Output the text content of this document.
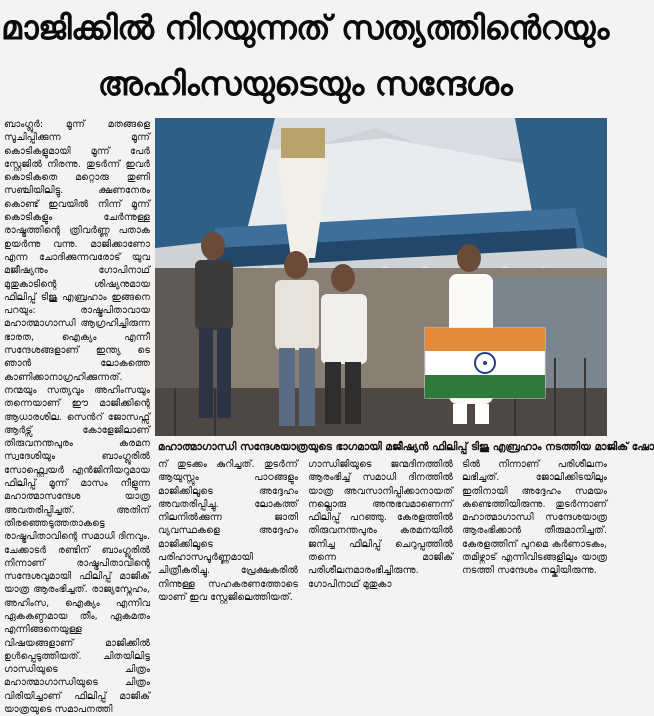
മാജിക്കിൽ നിറയുന്നത് സത്യത്തിൻെറയും
അഹിംസയുടെയും സന്ദേശം

ബാംഗ്ലൂർ: മൂന്ന് മതങ്ങളെ സൂചിപ്പിക്കുന്ന മൂന്ന് കൊടികളുമായി മൂന്ന് പേർ സ്റ്റേജിൽ നിരന്നു. തുടർന്ന് ഇവർ കൊടികതെ മറ്റൊരു തുണി സഞ്ചിയിലിട്ടു. ക്ഷണനേരം കൊണ്ട് ഇവയിൽ നിന്ന് മൂന്ന് കൊടികളും ചേർന്നുള്ള രാഷ്ട്രത്തിന്റെ ത്രിവർണ്ണ പതാക ഉയർന്നു വന്നു. മാജിക്കാണോ എന്ന ചോദിക്കുന്നവരോട് യുവ മജീഷ്യനും ഗോപിനാഥ് മുതുകാടിന്റെ ശിഷ്യനുമായ ഫിലിപ്പ് ടിജു എബ്രഹാം ഇങ്ങനെ പറയും: രാഷ്ട്രപിതാവായ മഹാത്മാഗാന്ധി ആഗ്രഹിച്ചിരുന്ന ഭാരത, ഐക്യം എന്നീ സന്ദേശങ്ങളാണ് ഇന്ത്യ ടെ ഞാൻ ലോകത്തെ കാണിക്കാനാഗ്രഹിക്കുന്നത്. നന്മയും സത്യവും അഹിംസയും തന്നെയാണ് ഈ മാജിക്കിന്റെ ആധാരശില. സെൻറ് ജോസഫ്സ് ആർട്സ് കോളേജിലാണ് തിരുവനന്തപുരം കരമന സ്വദേശിയും ബാംഗ്ലൂരിൽ സോഫ്റ്റ്വെയർ എൻജിനിയറുമായ ഫിലിപ്പ് മൂന്ന് മാസം നീളുന്ന മഹാത്മാസന്ദേശ യാത്ര അവതരിപ്പിച്ചത്. അതിന് തിരഞ്ഞെടുത്തതാകട്ടെ രാഷ്ട്രപിതാവിന്റെ സമാധി ദിനവും. ചേക്കാടർ രണ്ടിന് ബാംഗ്ലൂരിൽ നിന്നാണ് രാഷ്ട്രപിതാവിന്റെ സന്ദേശവുമായി ഫിലിപ്പ് മാജിക് യാത്ര ആരംഭിച്ചത്. രാജ്യസ്നേഹം, അഹിംസ, ഐക്യം എന്നിവ ഏകകണ്ഠമായ തീം, ഏകമതം എന്നിങ്ങനെയുള്ള വിഷയങ്ങളാണ് മാജിക്കിൽ ഉൾപ്പെടുത്തിയത്. ചിതയിലിട്ട ഗാന്ധിയുടെ ചിത്രം മഹാത്മാഗാന്ധിയുടെ ചിത്രം വിരിയിച്ചാണ് ഫിലിപ്പ് മാജിക് യാത്രയുടെ സമാപനത്തി

മഹാത്മാഗാന്ധി സന്ദേശയാത്രയുടെ ഭാഗമായി മജീഷ്യൻ ഫിലിപ്പ് ടിജു എബ്രഹാം നടത്തിയ മാജിക് ഷോ

ന് തുടക്കം കുറിച്ചത്. തുടർന്ന് ആയുസ്സും പാഠങ്ങളും മാജിക്കിലൂടെ അദ്ദേഹം അവതരിപ്പിച്ചു. ലോകത്ത് നിലനിൽക്കുന്ന ജാതി വ്യവസ്ഥകളെ അദ്ദേഹം മാജിക്കിലൂടെ പരിഹാസപൂർണ്ണമായി ചിത്രീകരിച്ചു. പ്രേക്ഷകരിൽ നിന്നുള്ള സഹകരണത്തോടെ യാണ് ഇവ സ്റ്റേജിലെത്തിയത്.

ഗാന്ധിജിയുടെ ജന്മദിനത്തിൽ ആരംഭിച്ച് സമാധി ദിനത്തിൽ യാത്ര അവസാനിപ്പിക്കാനായത് നല്ലൊരു അനുഭവമാണെന്ന് ഫിലിപ്പ് പറഞ്ഞു. കേരളത്തിൽ തിരുവനന്തപുരം കരമനയിൽ ജനിച്ച ഫിലിപ്പ് ചെറുപ്പത്തിൽ തന്നെ മാജിക് പരിശീലനമാരംഭിച്ചിരുന്നു. ഗോപിനാഥ് മുതുകാ

ടിൽ നിന്നാണ് പരിശീലനം ലഭിച്ചത്. ജോലിക്കിടയിലും ഇതിനായി അദ്ദേഹം സമയം കണ്ടെത്തിയിരുന്നു. തുടർന്നാണ് മഹാത്മാഗാന്ധി സന്ദേശയാത്ര ആരംഭിക്കാൻ തീരുമാനിച്ചത്. കേരളത്തിന് പുറമെ കർണാടകം, തമിഴ്നാട് എന്നിവിടങ്ങളിലും യാത്ര നടത്തി സന്ദേശം നല്കിയിരുന്നു.
